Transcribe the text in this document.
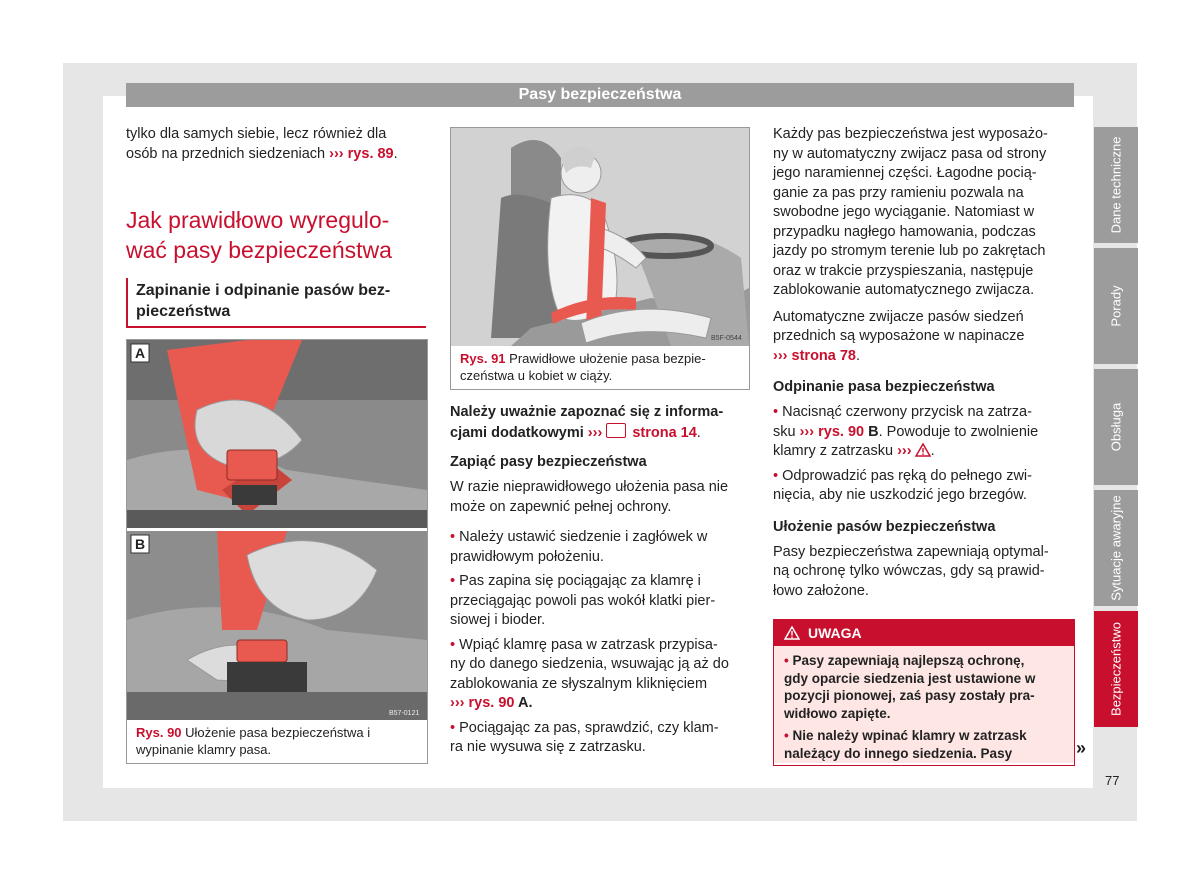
Pasy bezpieczeństwa
tylko dla samych siebie, lecz również dla
osób na przednich siedzeniach ››› rys. 89.
Jak prawidłowo wyregulo-
wać pasy bezpieczeństwa
Zapinanie i odpinanie pasów bez-
pieczeństwa
A
B
B57-0121
Rys. 90 Ułożenie pasa bezpieczeństwa i
wypinanie klamry pasa.
B5F-0544
Rys. 91 Prawidłowe ułożenie pasa bezpie-
czeństwa u kobiet w ciąży.
Należy uważnie zapoznać się z informa-
cjami dodatkowymi ››› strona 14.
Zapiąć pasy bezpieczeństwa
W razie nieprawidłowego ułożenia pasa nie
może on zapewnić pełnej ochrony.
• Należy ustawić siedzenie i zagłówek w
prawidłowym położeniu.
• Pas zapina się pociągając za klamrę i
przeciągając powoli pas wokół klatki pier-
siowej i bioder.
• Wpiąć klamrę pasa w zatrzask przypisa-
ny do danego siedzenia, wsuwając ją aż do
zablokowania ze słyszalnym kliknięciem
››› rys. 90 A.
• Pociągając za pas, sprawdzić, czy klam-
ra nie wysuwa się z zatrzasku.
Każdy pas bezpieczeństwa jest wyposażo-
ny w automatyczny zwijacz pasa od strony
jego naramiennej części. Łagodne pocią-
ganie za pas przy ramieniu pozwala na
swobodne jego wyciąganie. Natomiast w
przypadku nagłego hamowania, podczas
jazdy po stromym terenie lub po zakrętach
oraz w trakcie przyspieszania, następuje
zablokowanie automatycznego zwijacza.
Automatyczne zwijacze pasów siedzeń
przednich są wyposażone w napinacze
››› strona 78.
Odpinanie pasa bezpieczeństwa
• Nacisnąć czerwony przycisk na zatrza-
sku ››› rys. 90 B. Powoduje to zwolnienie
klamry z zatrzasku ››› .
• Odprowadzić pas ręką do pełnego zwi-
nięcia, aby nie uszkodzić jego brzegów.
Ułożenie pasów bezpieczeństwa
Pasy bezpieczeństwa zapewniają optymal-
ną ochronę tylko wówczas, gdy są prawid-
łowo założone.
UWAGA
• Pasy zapewniają najlepszą ochronę,
gdy oparcie siedzenia jest ustawione w
pozycji pionowej, zaś pasy zostały pra-
widłowo zapięte.
• Nie należy wpinać klamry w zatrzask
należący do innego siedzenia. Pasy	»
Dane techniczne
Porady
Obsługa
Sytuacje awaryjne
Bezpieczeństwo
77
